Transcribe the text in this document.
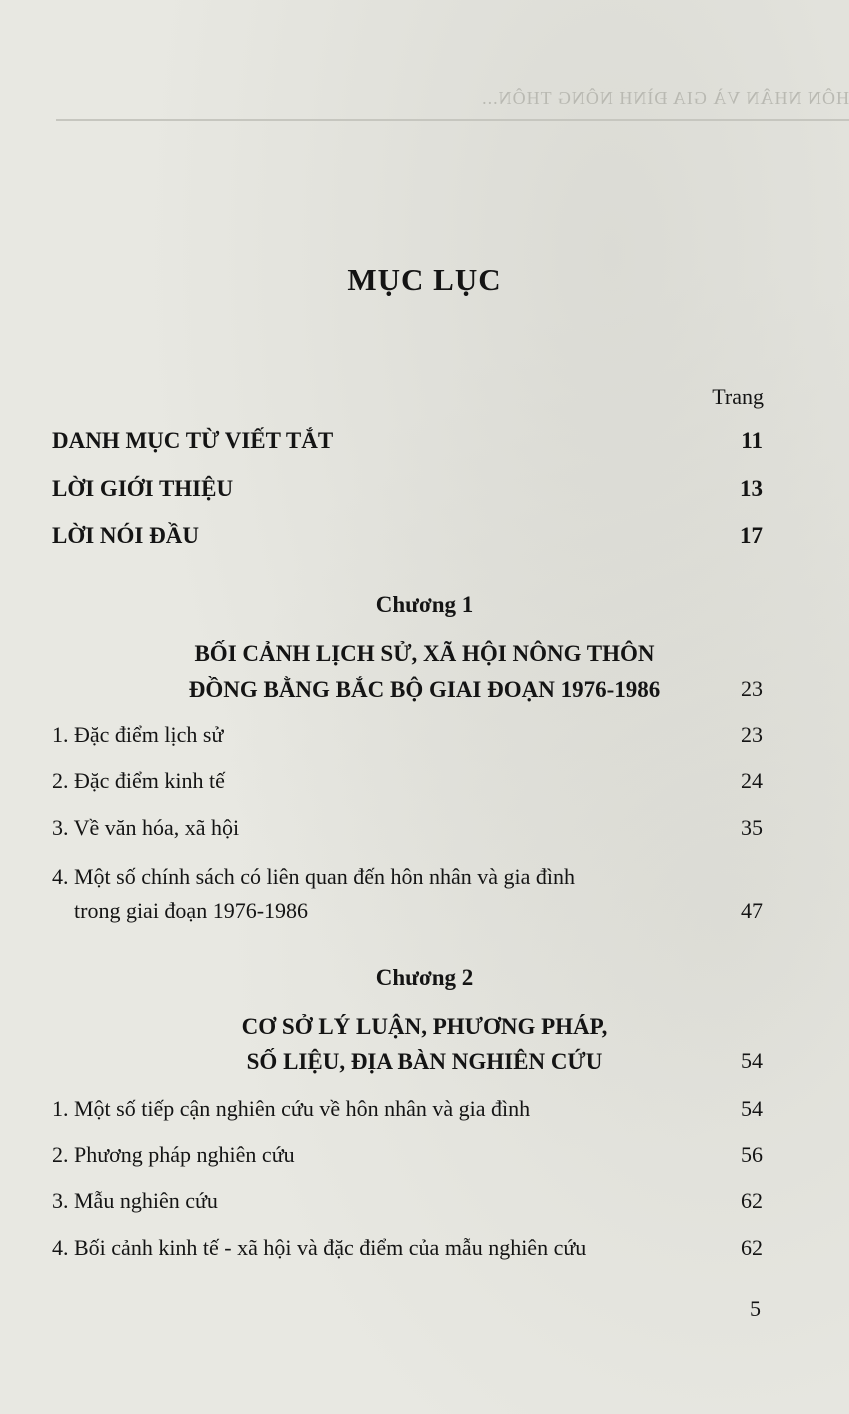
HÔN NHÂN VÀ GIA ĐÌNH NÔNG THÔN...
MỤC LỤC
Trang
DANH MỤC TỪ VIẾT TẮT	11
LỜI GIỚI THIỆU	13
LỜI NÓI ĐẦU	17
Chương 1
BỐI CẢNH LỊCH SỬ, XÃ HỘI NÔNG THÔN
ĐỒNG BẰNG BẮC BỘ GIAI ĐOẠN 1976-1986	23
1. Đặc điểm lịch sử	23
2. Đặc điểm kinh tế	24
3. Về văn hóa, xã hội	35
4. Một số chính sách có liên quan đến hôn nhân và gia đình
trong giai đoạn 1976-1986	47
Chương 2
CƠ SỞ LÝ LUẬN, PHƯƠNG PHÁP,
SỐ LIỆU, ĐỊA BÀN NGHIÊN CỨU	54
1. Một số tiếp cận nghiên cứu về hôn nhân và gia đình	54
2. Phương pháp nghiên cứu	56
3. Mẫu nghiên cứu	62
4. Bối cảnh kinh tế - xã hội và đặc điểm của mẫu nghiên cứu	62
5
